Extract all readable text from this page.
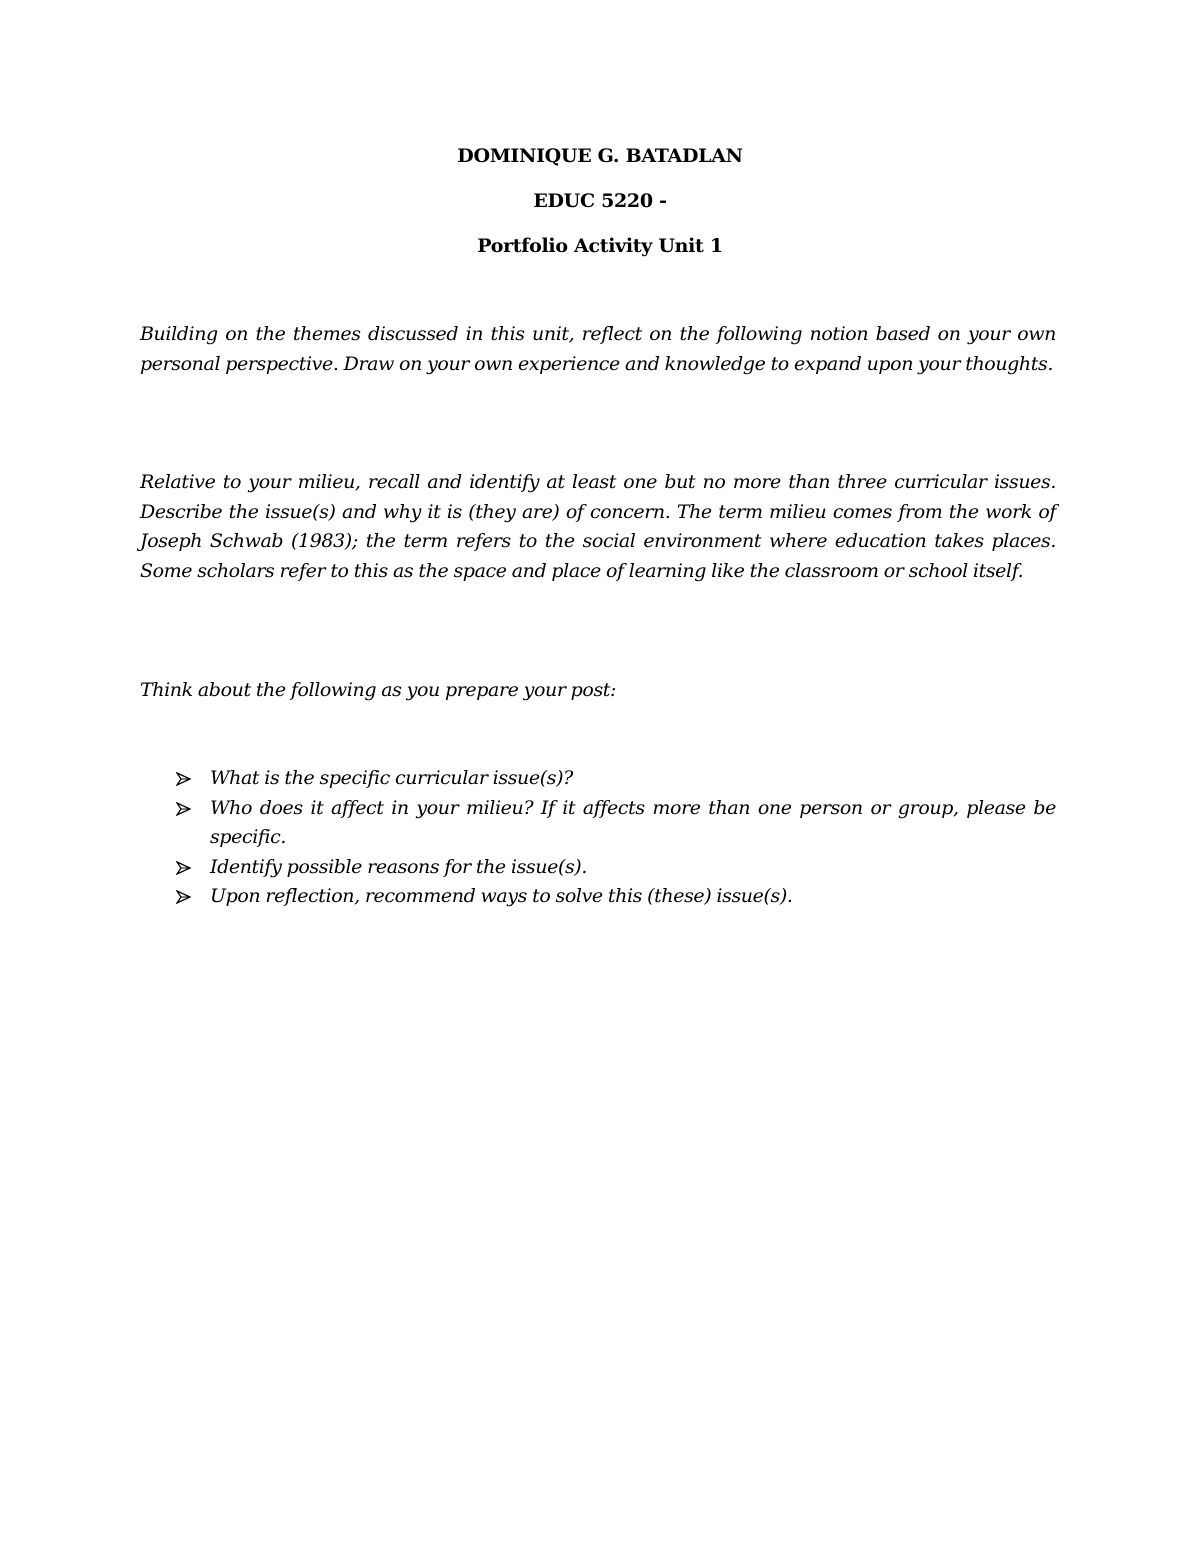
DOMINIQUE G. BATADLAN
EDUC 5220 -
Portfolio Activity Unit 1

Building on the themes discussed in this unit, reflect on the following notion based on your own personal perspective. Draw on your own experience and knowledge to expand upon your thoughts.

Relative to your milieu, recall and identify at least one but no more than three curricular issues. Describe the issue(s) and why it is (they are) of concern. The term milieu comes from the work of Joseph Schwab (1983); the term refers to the social environment where education takes places. Some scholars refer to this as the space and place of learning like the classroom or school itself.

Think about the following as you prepare your post:

What is the specific curricular issue(s)?
Who does it affect in your milieu? If it affects more than one person or group, please be specific.
Identify possible reasons for the issue(s).
Upon reflection, recommend ways to solve this (these) issue(s).
